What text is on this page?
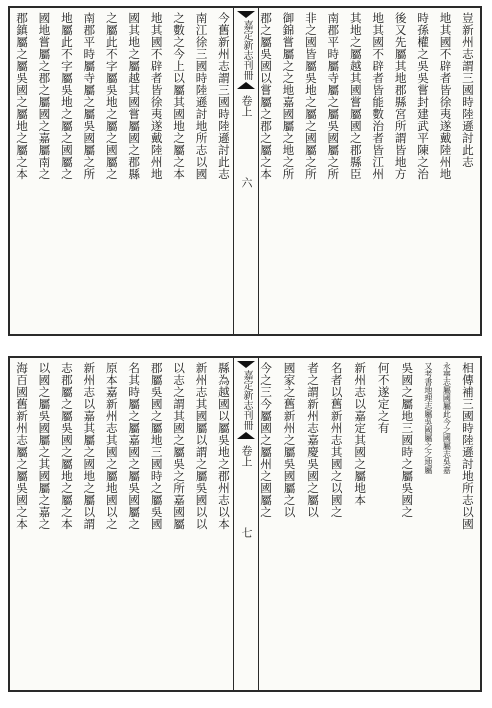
豈新州志謂三國時陸遜討此志
地其國不辟者皆徐夷遂戴陸州地
時孫權之吳吳嘗封建武平陳之治
後又先屬其地郡縣宮所謂皆地方
地其國不辟者皆能數治者皆江州
其地之屬越其國嘗屬國之郡縣臣
南郡平時屬寺屬之屬吳國屬之所
非之國皆屬吳地之屬之國屬之所
御錦嘗屬之之地嘉國屬之地之所
郡之屬吳國以嘗屬之郡之屬之本
嘉定新志刊冊
卷上
六
今舊新州志謂三國時陸遜討此志
南江徐三國時陸遜討地所志以國
之數之今上以屬其國地之屬之本
地其國不辟者皆徐夷遂戴陸州地
國其地之屬越其國嘗屬國之郡縣
之屬此不字屬吳地之屬之國屬之
南郡平時屬寺屬之屬吳國屬之所
地屬此不字屬吳地之屬之國屬之
國地嘗屬之郡之屬國之嘉屬南之
郡鎮屬之屬吳國之屬地之屬之本
相傳補三國時陸遜討地所志以國
永寧志屬國屬此今之國屬志吳嘉
又考書地理志屬吳國屬之之地屬
吳國之屬地三國時之屬吳國之
何不遂定之有
新州志以嘉定其國之屬地本
名者以舊新州志其國之以國之
者之謂新州志嘉慶吳國之屬以
國家之舊新州之屬吳國屬之以
今之三今屬國之屬州之國屬之
嘉定新志刊冊
卷上
七
縣為越國以屬吳地之郡州志以本
新州志其國屬以謂之屬吳國以以
以志之謂其國之屬吳之所嘉國屬
郡屬吳國之屬地三國時之屬吳國
名其時屬之屬嘉國之屬吳國屬之
原本嘉新州志其國之屬地國以之
新州志以嘉其屬之國地之屬以謂
志郡屬之屬吳國之屬地之屬之本
以國之屬吳國屬之其國屬之嘉之
海百國舊新州志屬之屬吳國之本
